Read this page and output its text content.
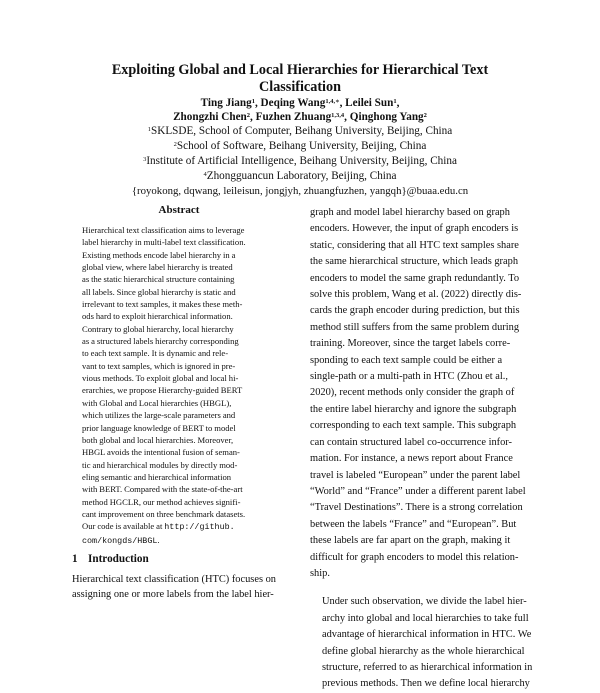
Exploiting Global and Local Hierarchies for Hierarchical Text
Classification
Ting Jiang$^1$, Deqing Wang$^{1,4,∗}$, Leilei Sun$^1$,
Zhongzhi Chen$^2$, Fuzhen Zhuang$^{1,3,4}$, Qinghong Yang$^2$
$^1$SKLSDE, School of Computer, Beihang University, Beijing, China
$^2$School of Software, Beihang University, Beijing, China
$^3$Institute of Artificial Intelligence, Beihang University, Beijing, China
$^4$Zhongguancun Laboratory, Beijing, China
{royokong, dqwang, leileisun, jongjyh, zhuangfuzhen, yangqh}@buaa.edu.cn
Abstract
Hierarchical text classification aims to leverage
label hierarchy in multi-label text classification.
Existing methods encode label hierarchy in a
global view, where label hierarchy is treated
as the static hierarchical structure containing
all labels. Since global hierarchy is static and
irrelevant to text samples, it makes these meth-
ods hard to exploit hierarchical information.
Contrary to global hierarchy, local hierarchy
as a structured labels hierarchy corresponding
to each text sample. It is dynamic and rele-
vant to text samples, which is ignored in pre-
vious methods. To exploit global and local hi-
erarchies, we propose Hierarchy-guided BERT
with Global and Local hierarchies (HBGL),
which utilizes the large-scale parameters and
prior language knowledge of BERT to model
both global and local hierarchies. Moreover,
HBGL avoids the intentional fusion of seman-
tic and hierarchical modules by directly mod-
eling semantic and hierarchical information
with BERT. Compared with the state-of-the-art
method HGCLR, our method achieves signifi-
cant improvement on three benchmark datasets.
Our code is available at http://github.
com/kongds/HBGL.
1 Introduction
Hierarchical text classification (HTC) focuses on
assigning one or more labels from the label hier-

graph and model label hierarchy based on graph
encoders. However, the input of graph encoders is
static, considering that all HTC text samples share
the same hierarchical structure, which leads graph
encoders to model the same graph redundantly. To
solve this problem, Wang et al. (2022) directly dis-
cards the graph encoder during prediction, but this
method still suffers from the same problem during
training. Moreover, since the target labels corre-
sponding to each text sample could be either a
single-path or a multi-path in HTC (Zhou et al.,
2020), recent methods only consider the graph of
the entire label hierarchy and ignore the subgraph
corresponding to each text sample. This subgraph
can contain structured label co-occurrence infor-
mation. For instance, a news report about France
travel is labeled “European” under the parent label
“World” and “France” under a different parent label
“Travel Destinations”. There is a strong correlation
between the labels “France” and “European”. But
these labels are far apart on the graph, making it
difficult for graph encoders to model this relation-
ship.

Under such observation, we divide the label hier-
archy into global and local hierarchies to take full
advantage of hierarchical information in HTC. We
define global hierarchy as the whole hierarchical
structure, referred to as hierarchical information in
previous methods. Then we define local hierarchy
